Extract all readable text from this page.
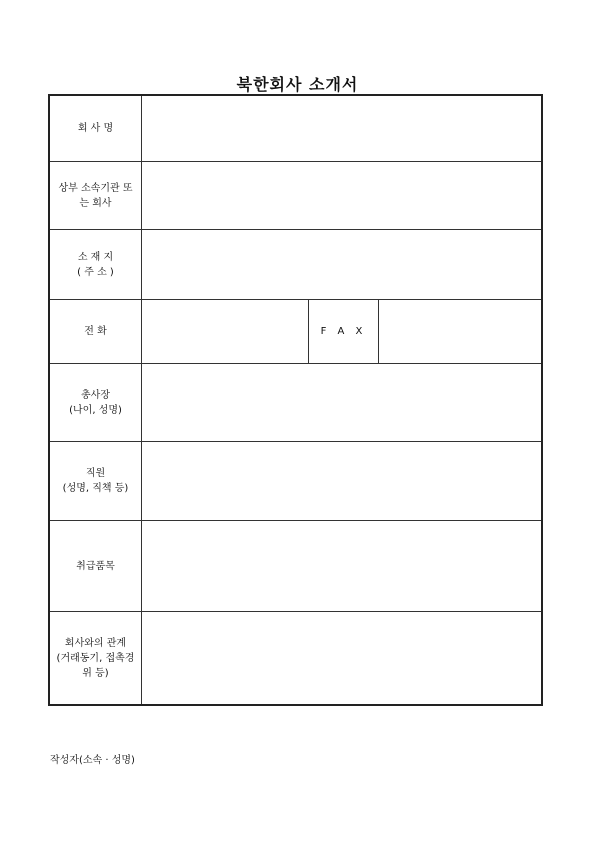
북한회사 소개서
회 사 명
상부 소속기관 또
는 회사
소 재 지
( 주 소 )
전 화	F A X
총사장
(나이, 성명)
직원
(성명, 직책 등)
취급품목
회사와의 관계
(거래동기, 접촉경
위 등)
작성자(소속 · 성명)
